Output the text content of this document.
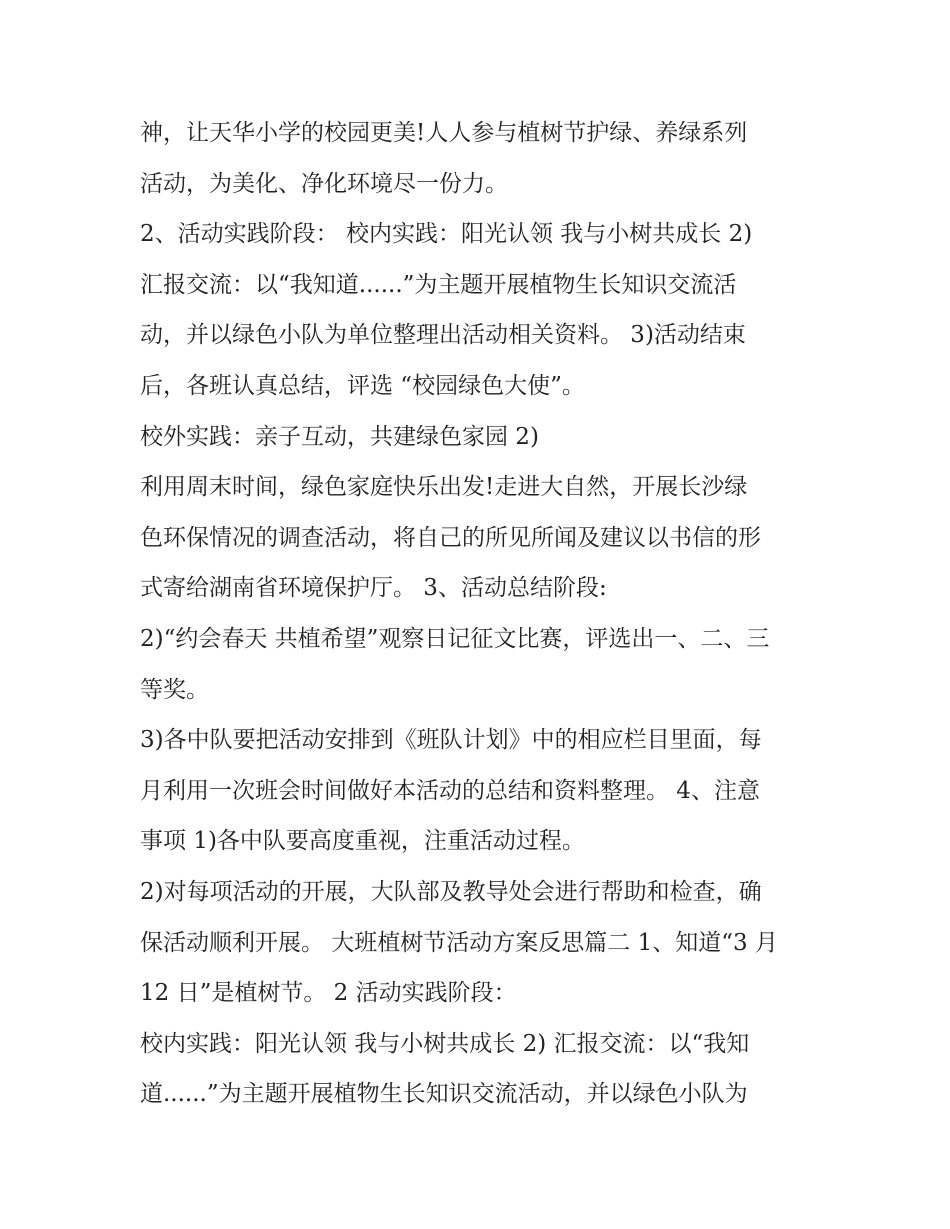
神，让天华小学的校园更美!人人参与植树节护绿、养绿系列
活动，为美化、净化环境尽一份力。

2、活动实践阶段： 校内实践：阳光认领 我与小树共成长 2)
汇报交流：以“我知道......”为主题开展植物生长知识交流活
动，并以绿色小队为单位整理出活动相关资料。 3)活动结束
后，各班认真总结，评选 “校园绿色大使”。

校外实践：亲子互动，共建绿色家园 2)

利用周末时间，绿色家庭快乐出发!走进大自然，开展长沙绿
色环保情况的调查活动，将自己的所见所闻及建议以书信的形
式寄给湖南省环境保护厅。 3、活动总结阶段:

2)“约会春天 共植希望”观察日记征文比赛，评选出一、二、三
等奖。

3)各中队要把活动安排到《班队计划》中的相应栏目里面，每
月利用一次班会时间做好本活动的总结和资料整理。 4、注意
事项 1)各中队要高度重视，注重活动过程。

2)对每项活动的开展，大队部及教导处会进行帮助和检查，确
保活动顺利开展。 大班植树节活动方案反思篇二 1、知道“3 月
12 日”是植树节。 2 活动实践阶段：

校内实践：阳光认领 我与小树共成长 2) 汇报交流：以“我知
道......”为主题开展植物生长知识交流活动，并以绿色小队为
